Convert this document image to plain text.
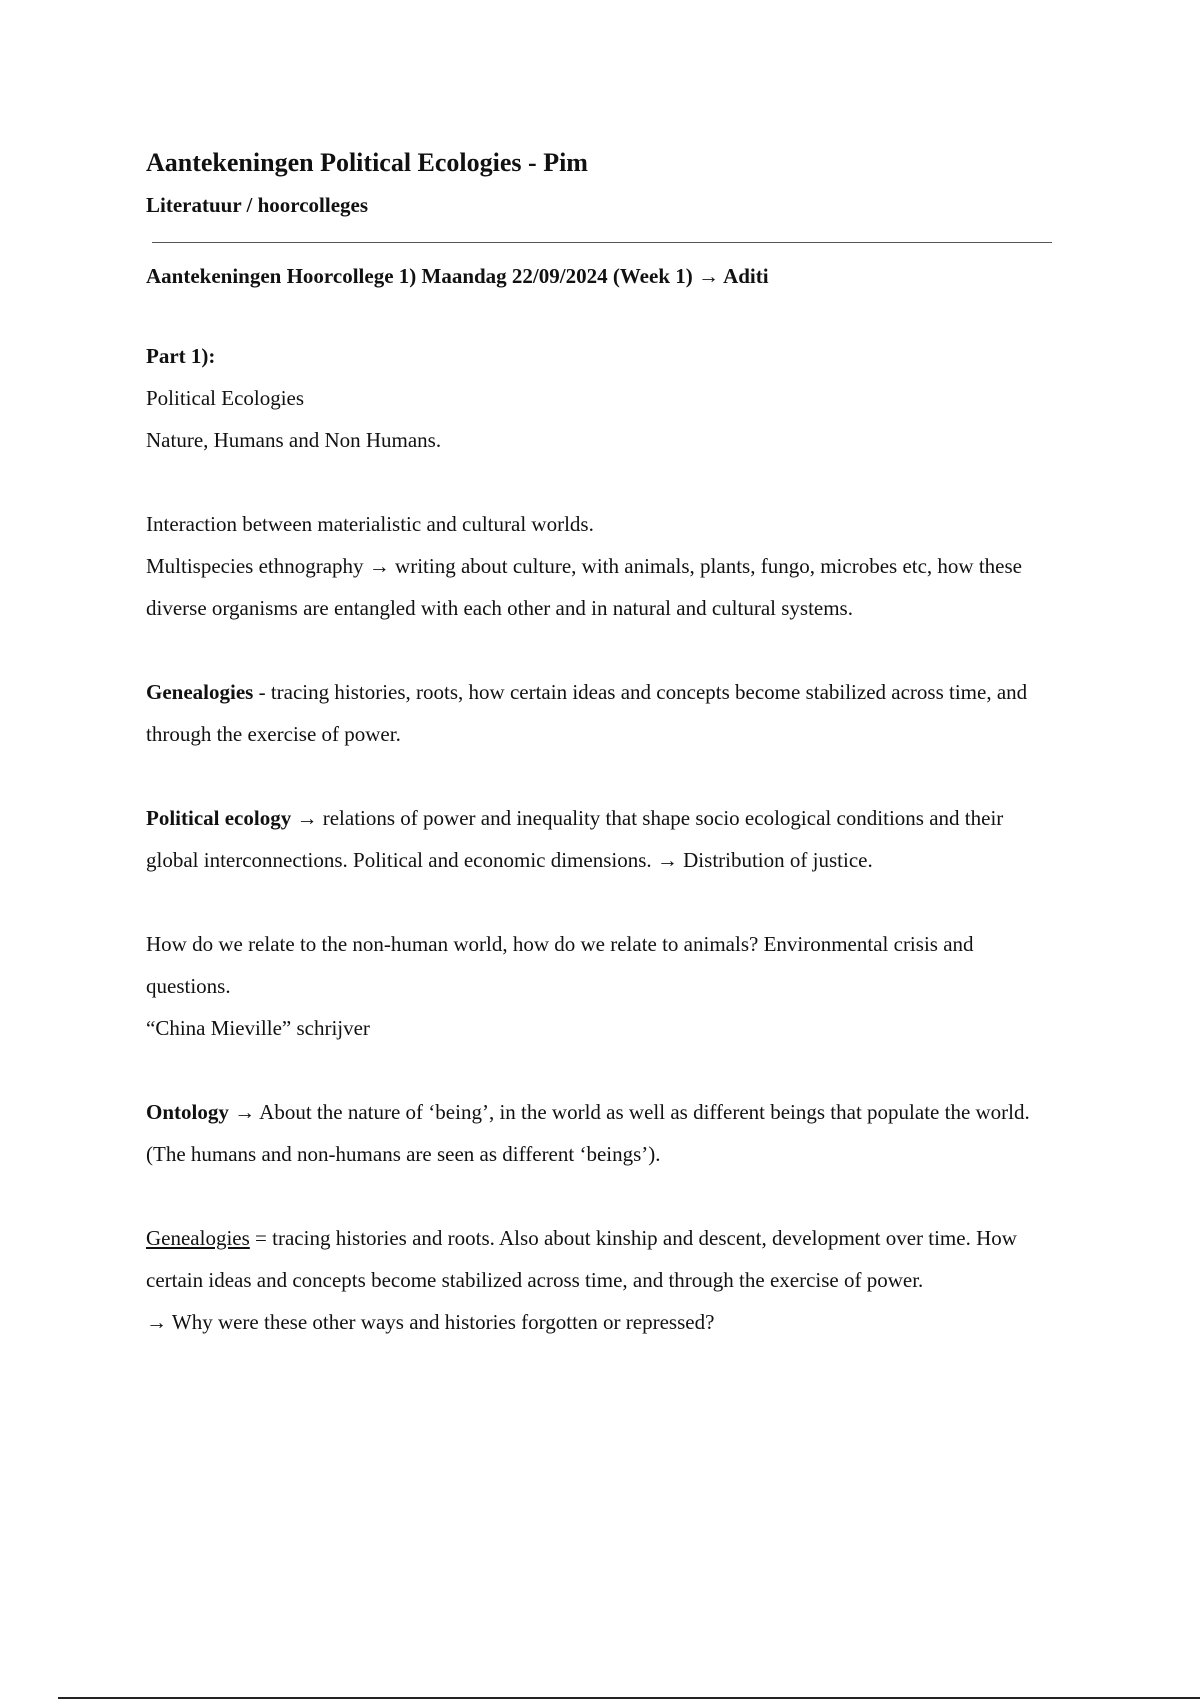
Aantekeningen Political Ecologies - Pim
Literatuur / hoorcolleges
Aantekeningen Hoorcollege 1) Maandag 22/09/2024 (Week 1) → Aditi

Part 1):
Political Ecologies
Nature, Humans and Non Humans.

Interaction between materialistic and cultural worlds.
Multispecies ethnography → writing about culture, with animals, plants, fungo, microbes etc, how these diverse organisms are entangled with each other and in natural and cultural systems.

Genealogies - tracing histories, roots, how certain ideas and concepts become stabilized across time, and through the exercise of power.

Political ecology → relations of power and inequality that shape socio ecological conditions and their global interconnections. Political and economic dimensions. → Distribution of justice.

How do we relate to the non-human world, how do we relate to animals? Environmental crisis and questions.
“China Mieville” schrijver

Ontology → About the nature of ‘being’, in the world as well as different beings that populate the world. (The humans and non-humans are seen as different ‘beings’).

Genealogies = tracing histories and roots. Also about kinship and descent, development over time. How certain ideas and concepts become stabilized across time, and through the exercise of power.
→ Why were these other ways and histories forgotten or repressed?
